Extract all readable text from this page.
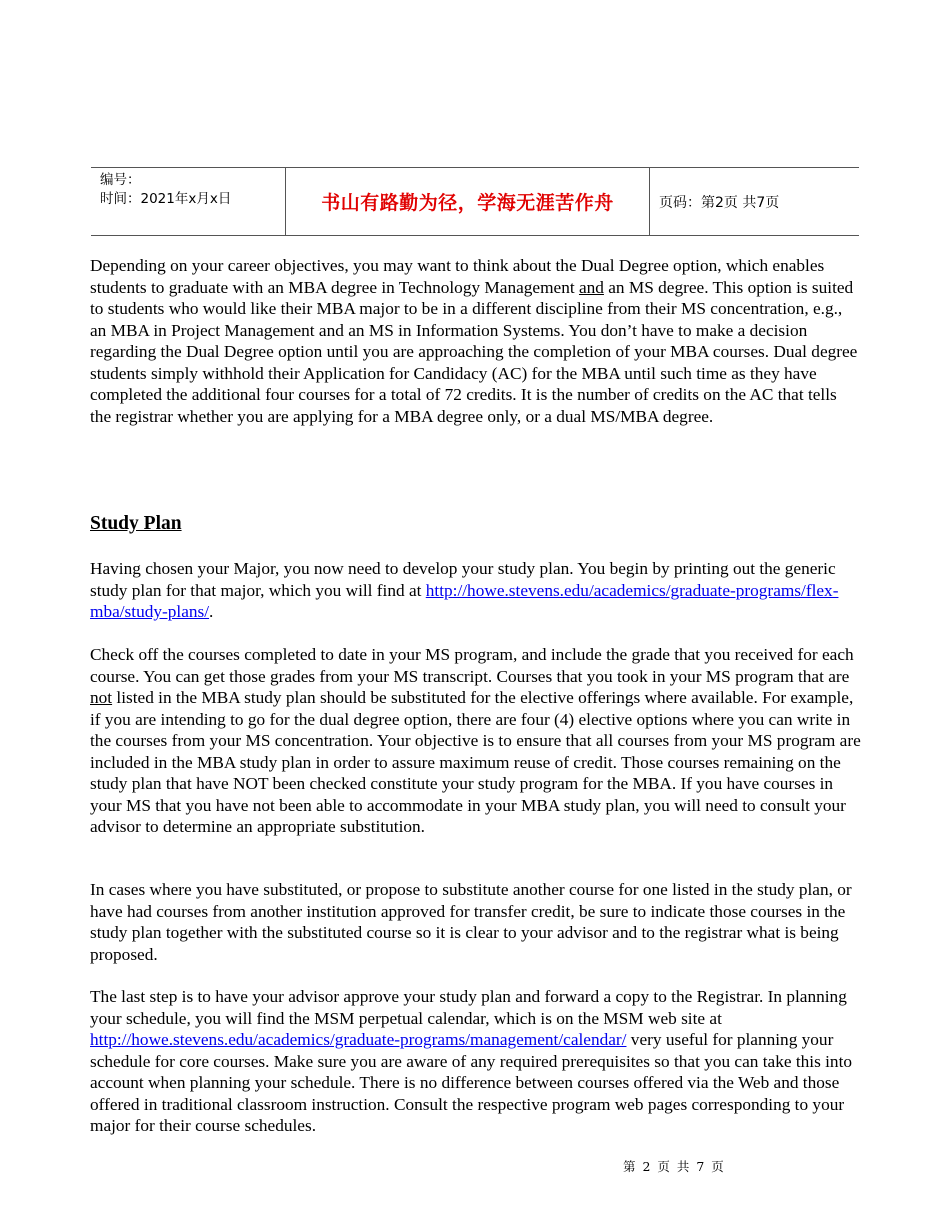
编号：
时间：2021年x月x日	书山有路勤为径，学海无涯苦作舟	页码：第2页 共7页

Depending on your career objectives, you may want to think about the Dual Degree option, which enables students to graduate with an MBA degree in Technology Management and an MS degree. This option is suited to students who would like their MBA major to be in a different discipline from their MS concentration, e.g., an MBA in Project Management and an MS in Information Systems. You don’t have to make a decision regarding the Dual Degree option until you are approaching the completion of your MBA courses. Dual degree students simply withhold their Application for Candidacy (AC) for the MBA until such time as they have completed the additional four courses for a total of 72 credits. It is the number of credits on the AC that tells the registrar whether you are applying for a MBA degree only, or a dual MS/MBA degree.

Study Plan

Having chosen your Major, you now need to develop your study plan. You begin by printing out the generic study plan for that major, which you will find at http://howe.stevens.edu/academics/graduate-programs/flex-mba/study-plans/.

Check off the courses completed to date in your MS program, and include the grade that you received for each course. You can get those grades from your MS transcript. Courses that you took in your MS program that are not listed in the MBA study plan should be substituted for the elective offerings where available. For example, if you are intending to go for the dual degree option, there are four (4) elective options where you can write in the courses from your MS concentration. Your objective is to ensure that all courses from your MS program are included in the MBA study plan in order to assure maximum reuse of credit. Those courses remaining on the study plan that have NOT been checked constitute your study program for the MBA. If you have courses in your MS that you have not been able to accommodate in your MBA study plan, you will need to consult your advisor to determine an appropriate substitution.

In cases where you have substituted, or propose to substitute another course for one listed in the study plan, or have had courses from another institution approved for transfer credit, be sure to indicate those courses in the study plan together with the substituted course so it is clear to your advisor and to the registrar what is being proposed.

The last step is to have your advisor approve your study plan and forward a copy to the Registrar. In planning your schedule, you will find the MSM perpetual calendar, which is on the MSM web site at http://howe.stevens.edu/academics/graduate-programs/management/calendar/ very useful for planning your schedule for core courses. Make sure you are aware of any required prerequisites so that you can take this into account when planning your schedule. There is no difference between courses offered via the Web and those offered in traditional classroom instruction. Consult the respective program web pages corresponding to your major for their course schedules.

第 2 页 共 7 页
